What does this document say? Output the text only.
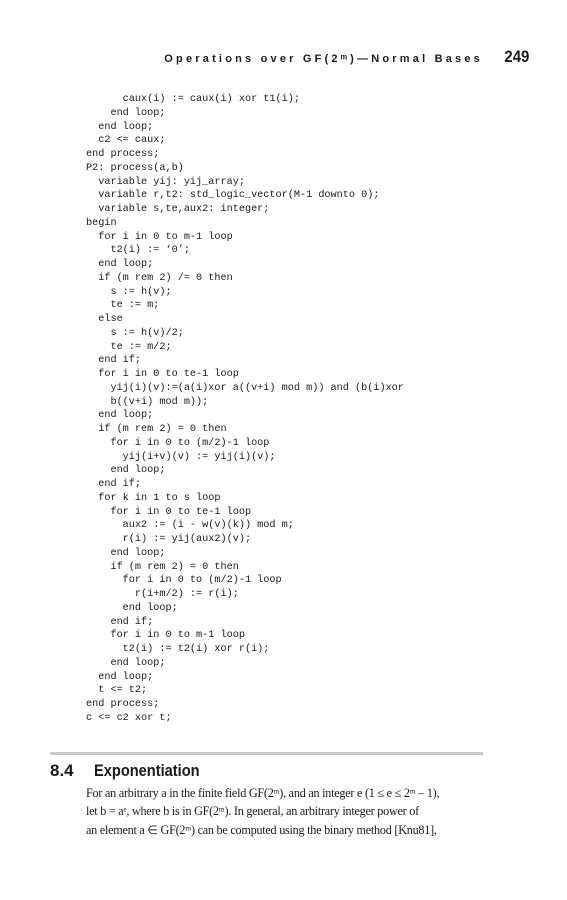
Operations over GF(2ᵐ)—Normal Bases 249
caux(i) := caux(i) xor t1(i);
end loop;
end loop;
c2 <= caux;
end process;
P2: process(a,b)
variable yij: yij_array;
variable r,t2: std_logic_vector(M-1 downto 0);
variable s,te,aux2: integer;
begin
for i in 0 to m-1 loop
t2(i) := ‘0’;
end loop;
if (m rem 2) /= 0 then
s := h(v);
te := m;
else
s := h(v)/2;
te := m/2;
end if;
for i in 0 to te-1 loop
yij(i)(v):=(a(i)xor a((v+i) mod m)) and (b(i)xor
b((v+i) mod m));
end loop;
if (m rem 2) = 0 then
for i in 0 to (m/2)-1 loop
yij(i+v)(v) := yij(i)(v);
end loop;
end if;
for k in 1 to s loop
for i in 0 to te-1 loop
aux2 := (i - w(v)(k)) mod m;
r(i) := yij(aux2)(v);
end loop;
if (m rem 2) = 0 then
for i in 0 to (m/2)-1 loop
r(i+m/2) := r(i);
end loop;
end if;
for i in 0 to m-1 loop
t2(i) := t2(i) xor r(i);
end loop;
end loop;
t <= t2;
end process;
c <= c2 xor t;
8.4 Exponentiation
For an arbitrary a in the finite field GF(2ᵐ), and an integer e (1 ≤ e ≤ 2ᵐ – 1),
let b = aᵉ, where b is in GF(2ᵐ). In general, an arbitrary integer power of
an element a ∈ GF(2ᵐ) can be computed using the binary method [Knu81],
